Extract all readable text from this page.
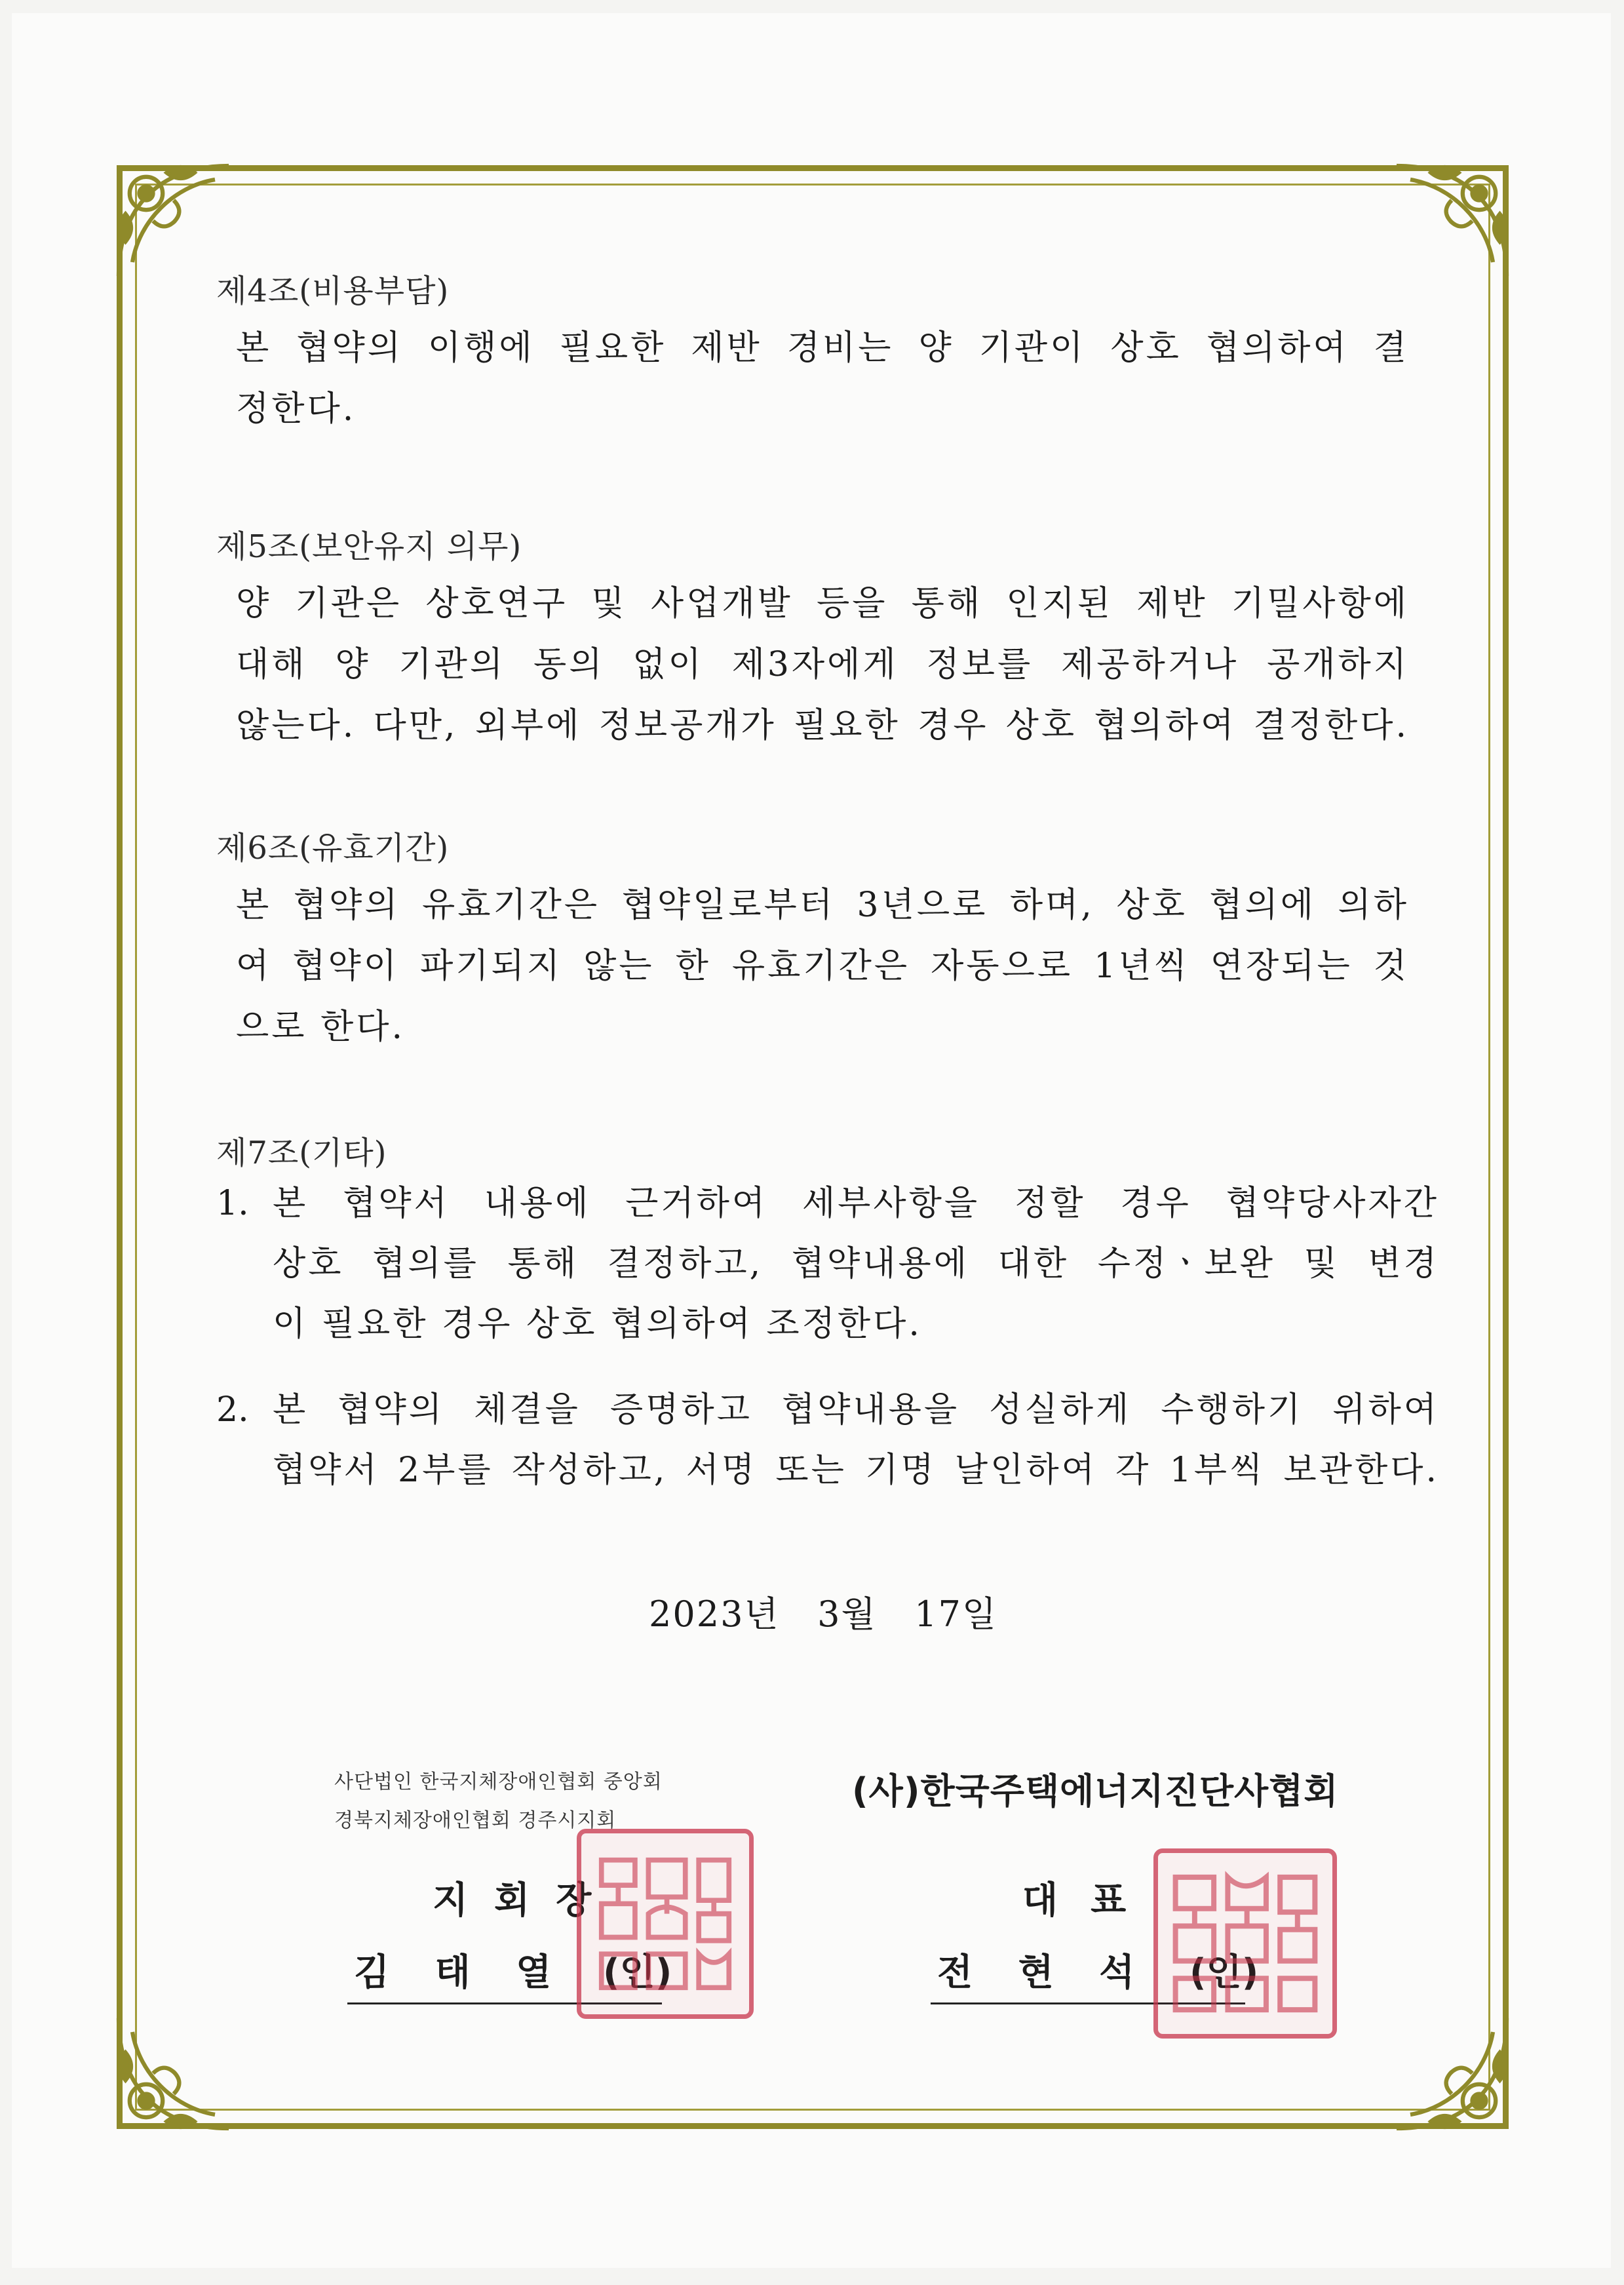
제4조(비용부담)
본 협약의 이행에 필요한 제반 경비는 양 기관이 상호 협의하여 결
정한다.
제5조(보안유지 의무)
양 기관은 상호연구 및 사업개발 등을 통해 인지된 제반 기밀사항에
대해 양 기관의 동의 없이 제3자에게 정보를 제공하거나 공개하지
않는다. 다만, 외부에 정보공개가 필요한 경우 상호 협의하여 결정한다.
제6조(유효기간)
본 협약의 유효기간은 협약일로부터 3년으로 하며, 상호 협의에 의하
여 협약이 파기되지 않는 한 유효기간은 자동으로 1년씩 연장되는 것
으로 한다.
제7조(기타)
1. 본 협약서 내용에 근거하여 세부사항을 정할 경우 협약당사자간
상호 협의를 통해 결정하고, 협약내용에 대한 수정ㆍ보완 및 변경
이 필요한 경우 상호 협의하여 조정한다.
2. 본 협약의 체결을 증명하고 협약내용을 성실하게 수행하기 위하여
협약서 2부를 작성하고, 서명 또는 기명 날인하여 각 1부씩 보관한다.
2023년   3월   17일
사단법인 한국지체장애인협회 중앙회
경북지체장애인협회 경주시지회
지회장
김 태 열 (인)
(사)한국주택에너지진단사협회
대표
전 현 석 (인)
